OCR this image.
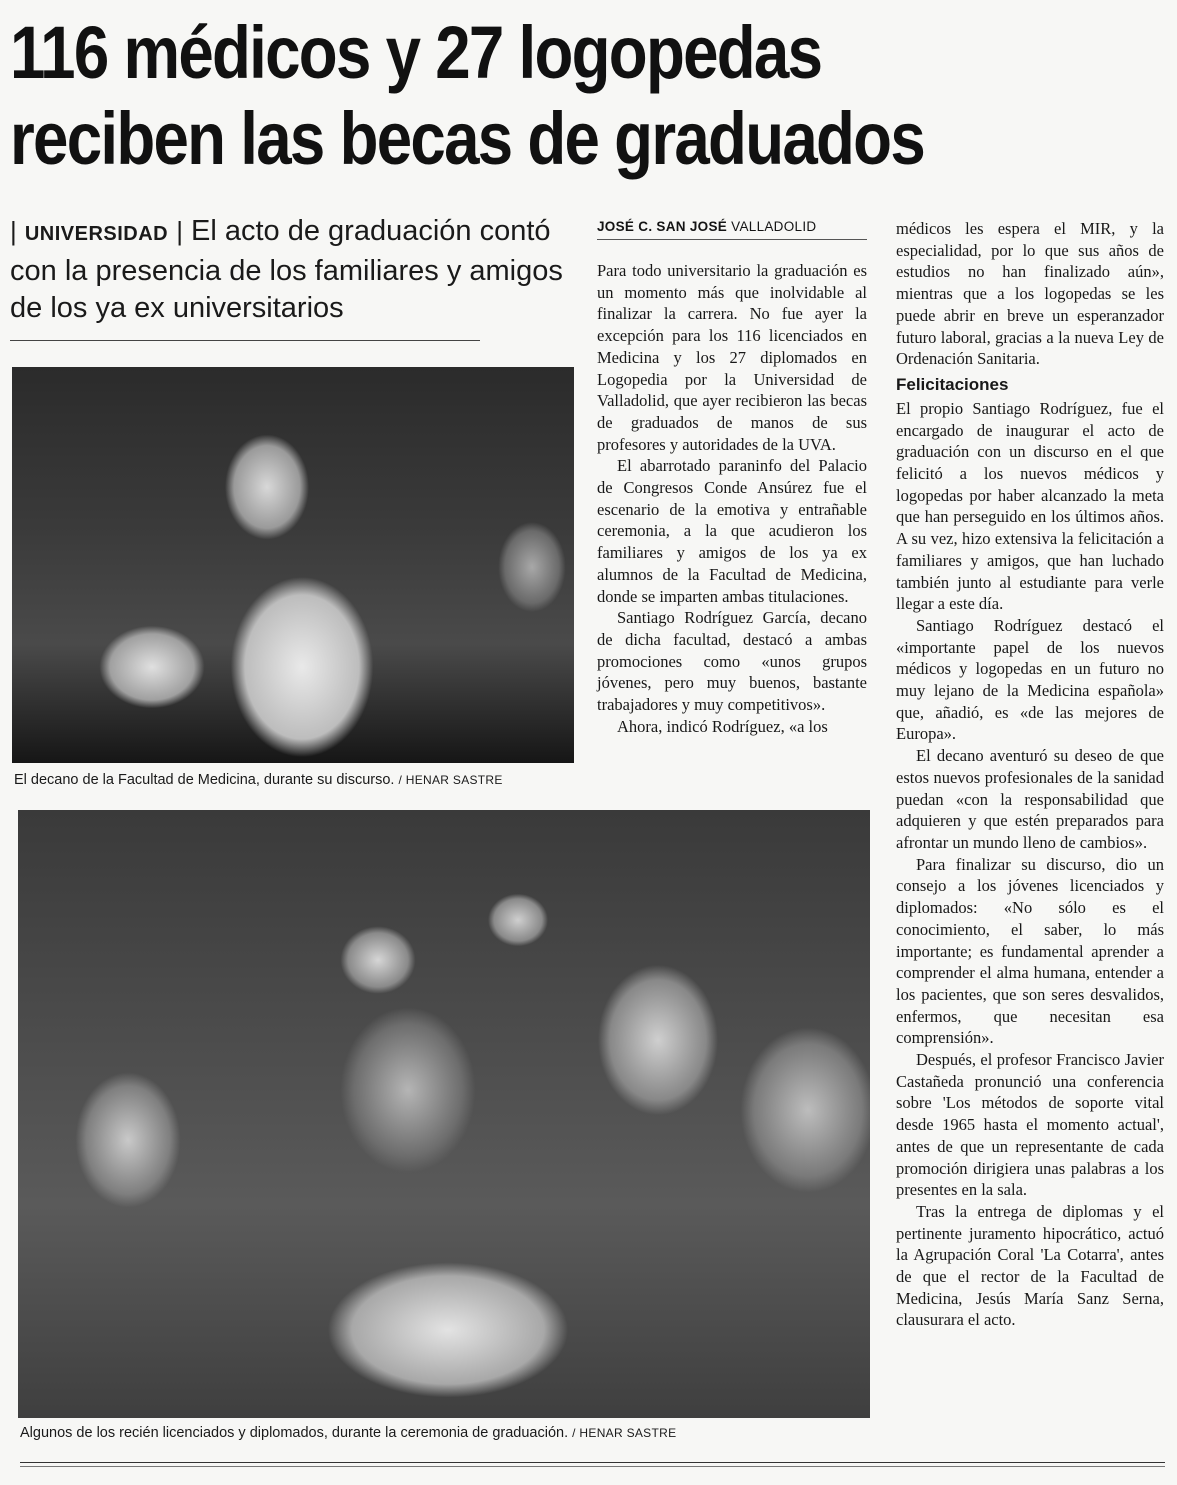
116 médicos y 27 logopedas
reciben las becas de graduados
| UNIVERSIDAD | El acto de graduación contó con la presencia de los familiares y amigos de los ya ex universitarios
El decano de la Facultad de Medicina, durante su discurso. / HENAR SASTRE
Algunos de los recién licenciados y diplomados, durante la ceremonia de graduación. / HENAR SASTRE
JOSÉ C. SAN JOSÉ VALLADOLID

Para todo universitario la graduación es un momento más que inolvidable al finalizar la carrera. No fue ayer la excepción para los 116 licenciados en Medicina y los 27 diplomados en Logopedia por la Universidad de Valladolid, que ayer recibieron las becas de graduados de manos de sus profesores y autoridades de la UVA.

El abarrotado paraninfo del Palacio de Congresos Conde Ansúrez fue el escenario de la emotiva y entrañable ceremonia, a la que acudieron los familiares y amigos de los ya ex alumnos de la Facultad de Medicina, donde se imparten ambas titulaciones.

Santiago Rodríguez García, decano de dicha facultad, destacó a ambas promociones como «unos grupos jóvenes, pero muy buenos, bastante trabajadores y muy competitivos».

Ahora, indicó Rodríguez, «a los

médicos les espera el MIR, y la especialidad, por lo que sus años de estudios no han finalizado aún», mientras que a los logopedas se les puede abrir en breve un esperanzador futuro laboral, gracias a la nueva Ley de Ordenación Sanitaria.

Felicitaciones

El propio Santiago Rodríguez, fue el encargado de inaugurar el acto de graduación con un discurso en el que felicitó a los nuevos médicos y logopedas por haber alcanzado la meta que han perseguido en los últimos años. A su vez, hizo extensiva la felicitación a familiares y amigos, que han luchado también junto al estudiante para verle llegar a este día.

Santiago Rodríguez destacó el «importante papel de los nuevos médicos y logopedas en un futuro no muy lejano de la Medicina española» que, añadió, es «de las mejores de Europa».

El decano aventuró su deseo de que estos nuevos profesionales de la sanidad puedan «con la responsabilidad que adquieren y que estén preparados para afrontar un mundo lleno de cambios».

Para finalizar su discurso, dio un consejo a los jóvenes licenciados y diplomados: «No sólo es el conocimiento, el saber, lo más importante; es fundamental aprender a comprender el alma humana, entender a los pacientes, que son seres desvalidos, enfermos, que necesitan esa comprensión».

Después, el profesor Francisco Javier Castañeda pronunció una conferencia sobre 'Los métodos de soporte vital desde 1965 hasta el momento actual', antes de que un representante de cada promoción dirigiera unas palabras a los presentes en la sala.

Tras la entrega de diplomas y el pertinente juramento hipocrático, actuó la Agrupación Coral 'La Cotarra', antes de que el rector de la Facultad de Medicina, Jesús María Sanz Serna, clausurara el acto.
